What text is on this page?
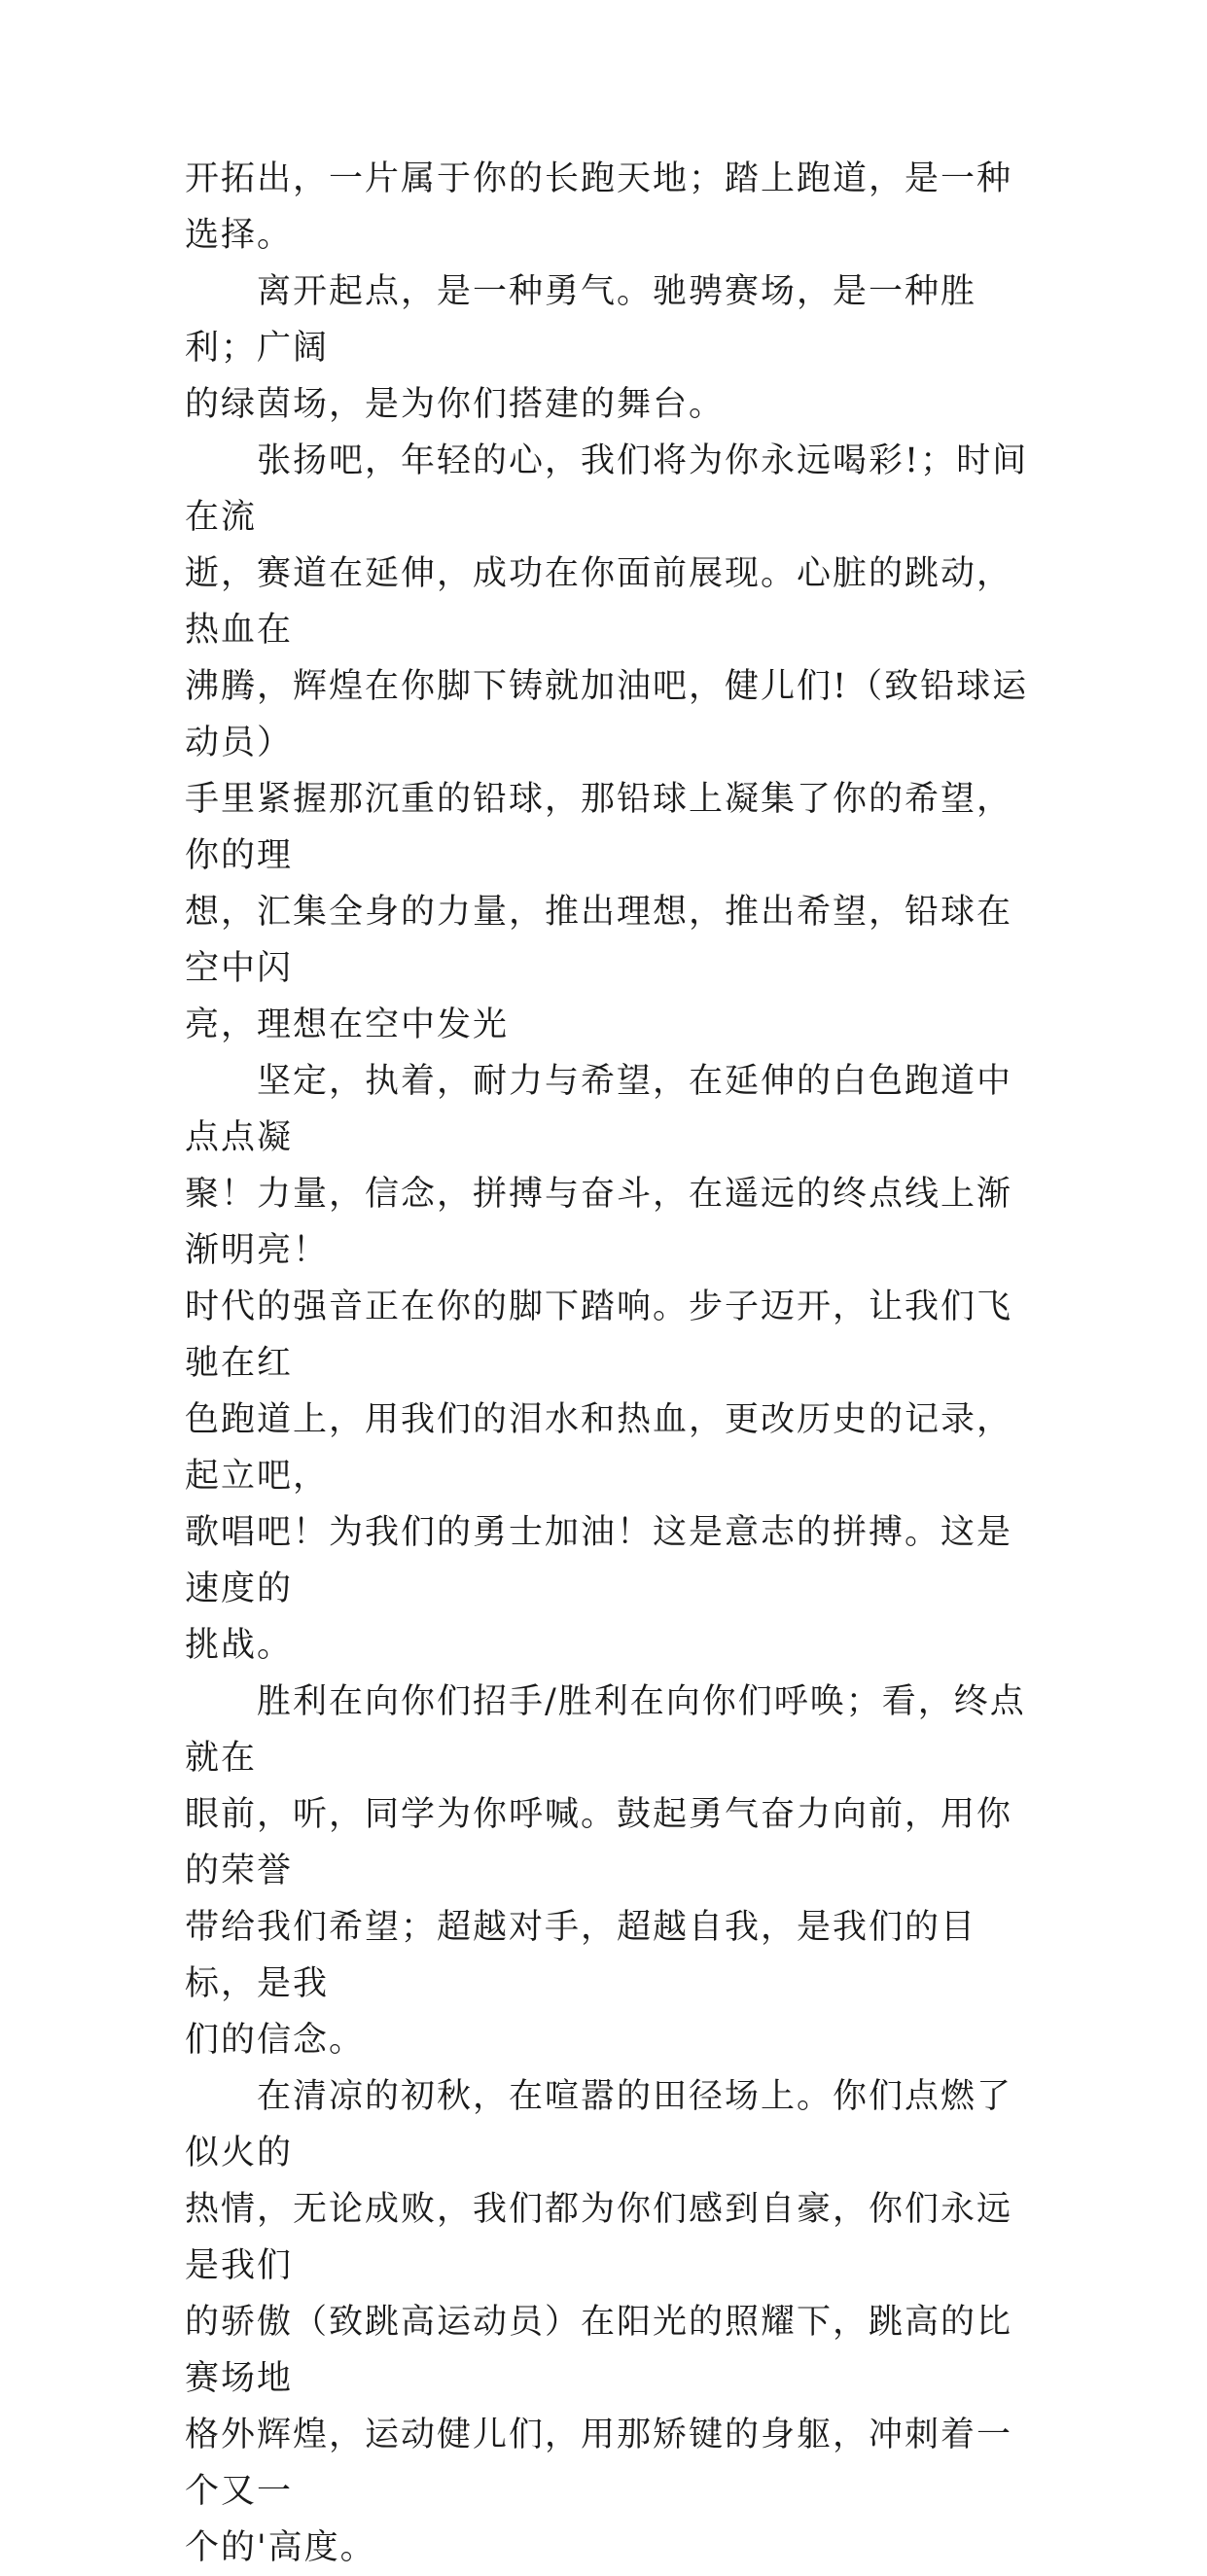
开拓出，一片属于你的长跑天地；踏上跑道，是一种选择。

　　离开起点，是一种勇气。驰骋赛场，是一种胜利；广阔
的绿茵场，是为你们搭建的舞台。

　　张扬吧，年轻的心，我们将为你永远喝彩!；时间在流
逝，赛道在延伸，成功在你面前展现。心脏的跳动，热血在
沸腾，辉煌在你脚下铸就加油吧，健儿们!（致铅球运动员）
手里紧握那沉重的铅球，那铅球上凝集了你的希望，你的理
想，汇集全身的力量，推出理想，推出希望，铅球在空中闪
亮，理想在空中发光

　　坚定，执着，耐力与希望，在延伸的白色跑道中点点凝
聚！力量，信念，拼搏与奋斗，在遥远的终点线上渐渐明亮！
时代的强音正在你的脚下踏响。步子迈开，让我们飞驰在红
色跑道上，用我们的泪水和热血，更改历史的记录，起立吧，
歌唱吧！为我们的勇士加油！这是意志的拼搏。这是速度的
挑战。

　　胜利在向你们招手/胜利在向你们呼唤；看，终点就在
眼前，听，同学为你呼喊。鼓起勇气奋力向前，用你的荣誉
带给我们希望；超越对手，超越自我，是我们的目标，是我
们的信念。

　　在清凉的初秋，在喧嚣的田径场上。你们点燃了似火的
热情，无论成败，我们都为你们感到自豪，你们永远是我们
的骄傲（致跳高运动员）在阳光的照耀下，跳高的比赛场地
格外辉煌，运动健儿们，用那矫键的身躯，冲刺着一个又一
个的'高度。
